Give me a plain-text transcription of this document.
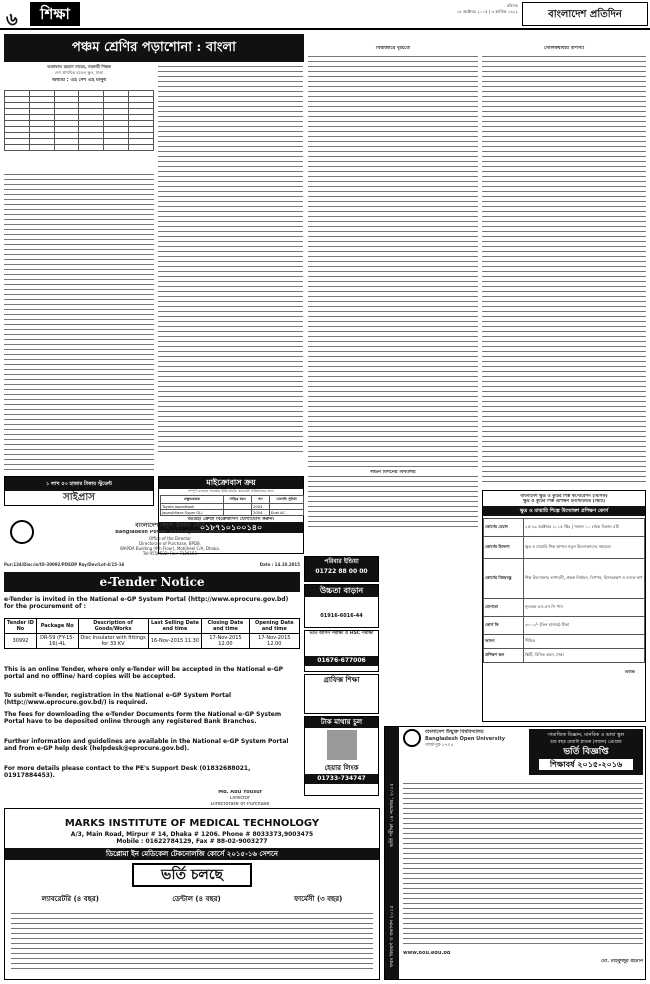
৬	শিক্ষা	রবিবার
১৮ অক্টোবর ২০১৫ | ৩ কার্তিক ১৪২২	বাংলাদেশ প্রতিদিন
পঞ্চম শ্রেণির পড়াশোনা : বাংলা
আরাফাত রহমান সায়েম, সহকারী শিক্ষক
দেশ প্রাথমিক মডেল স্কুল, ঢাকা
অধ্যায় : এই দেশ এই মানুষ

বিশ্বাজারে বৃষ্টিতে
লন্ডন মিশনের বিদ্যালয়
গোলকধাঁধার তপস্যা
১ লাখ ৫৩ হাজার টাকায় স্টুডেন্ট
সাইপ্রাস
মাইক্রোবাস ক্রয়
সম্পূর্ণ ব্যবহৃত অবস্থায় ইঞ্চিপ্রেটের ক্রয়কারী প্রতিষ্ঠানের জন্য
প্রস্তুতকারক	গাড়ির ধরন	সন	জ্বালানি সুবিধা
Toyota JapanNoah		2004	
Japan(Hiace Super GL)		2004	Dual AC
আগ্রহী ক্রেতা বিক্রেতাগণ যোগাযোগ করুন।
০১৮৭১০১০০১৪০
বাংলাদেশ ক্ষুদ্র ও কুটির শিল্প কর্পোরেশন (বিসিক)
ক্ষুদ্র ও কুটির শিল্প প্রশিক্ষণ ইনস্টিটিউট (স্কিটি)
ক্ষুদ্র ও মাঝারি শিল্পে উদ্যোক্তা প্রশিক্ষণ কোর্স
কোর্সের মেয়াদ	২৫-২৯ অক্টোবর ২০১৫ খ্রিঃ | সকাল ১০ থেকে বিকাল ৫টা
কোর্সের উদ্দেশ্য	ক্ষুদ্র ও মাঝারি শিল্প স্থাপনে নতুন উদ্যোক্তাদের সহায়তা
কোর্সের বিষয়বস্তু	শিল্প উদ্যোক্তার গুণাবলী, প্রকল্প নির্বাচন, বিপণন, হিসাবরক্ষণ ও ব্যাংক ঋণ
যোগ্যতা	ন্যূনতম এস.এস.সি পাস
কোর্স ফি	৩০০০/- (তিন হাজার) টাকা
আসন	সীমিত
প্রশিক্ষণ স্থল	স্কিটি, বিসিক ভবন, ঢাকা
অধ্যক্ষ
বাংলাদেশ বিদ্যুৎ উন্নয়ন বোর্ড
Bangladesh Power Development Board
Office of the Director
Directorate of Purchase, BPDB.
WAPDA Building (9th Floor), Motijheel C/A, Dhaka.
Tel:9550532; Fax: 7126151
Pur:134/Disc:in/ID-30992/PDSDP Ray/Dev/Lot-4/15-16	Date : 14.10.2015
e-Tender Notice
e-Tender is invited in the National e-GP System Portal (http://www.eprocure.gov.bd) for the procurement of :
Tender ID No	Package No	Description of Goods/Works	Last Selling Date and time	Closing Date and time	Opening Date and time
30992	DR-59 (FY-15-16)-4L	Disc Insulator with fittings for 33 KV	16-Nov-2015 11.30	17-Nov-2015 12.00	17-Nov-2015 12.00
This is an online Tender, where only e-Tender will be accepted in the National e-GP portal and no offline/ hard copies will be accepted.
To submit e-Tender, registration in the National e-GP System Portal (http://www.eprocure.gov.bd/) is required.
The fees for downloading the e-Tender Documents form the National e-GP System Portal have to be deposited online through any registered Bank Branches.
Further information and guidelines are available in the National e-GP System Portal and from e-GP help desk (helpdesk@eprocure.gov.bd).
For more details please contact to the PE's Support Desk (01832688021, 01917884453).
Md. Abu Yousuf
Director
Directorate of Purchase
পরিবার ইন্ডিয়া
01722 88 00 00
উচ্চতা বাড়ান
01916-6016-44
ভর্তি আসন পরীক্ষা ও HSC পরীক্ষা
01676-677006
গ্রাফিক্স শিক্ষা
টাক মাথায় চুল
হেয়ার লিংক
01733-734747
MARKS INSTITUTE OF MEDICAL TECHNOLOGY
A/3, Main Road, Mirpur # 14, Dhaka # 1206. Phone # 8033373,9003475
Mobile : 01622784129, Fax # 88-02-9003277
ডিপ্লোমা ইন মেডিকেল টেকনোলজি কোর্সে ২০১৫-১৬ সেশনে
ভর্তি চলছে
ল্যাবরেটরি (৪ বছর)	ডেন্টাল (৪ বছর)	ফার্মেসী (৩ বছর)
ভর্তি পরীক্ষা ০৪ নভেম্বর, ২০১৫
ফরম বিতরণ ও জমাদান ২০১৫
বাংলাদেশ উন্মুক্ত বিশ্ববিদ্যালয়
Bangladesh Open University
গাজীপুর-১৭০৫
সামাজিক বিজ্ঞান, মানবিক ও ভাষা স্কুল
চার বছর মেয়াদি স্নাতক (সম্মান) প্রোগ্রাম
ভর্তি বিজ্ঞপ্তি
শিক্ষাবর্ষ ২০১৫-২০১৬
www.bou.edu.bd
মো. মাহফুজুর রহমান
